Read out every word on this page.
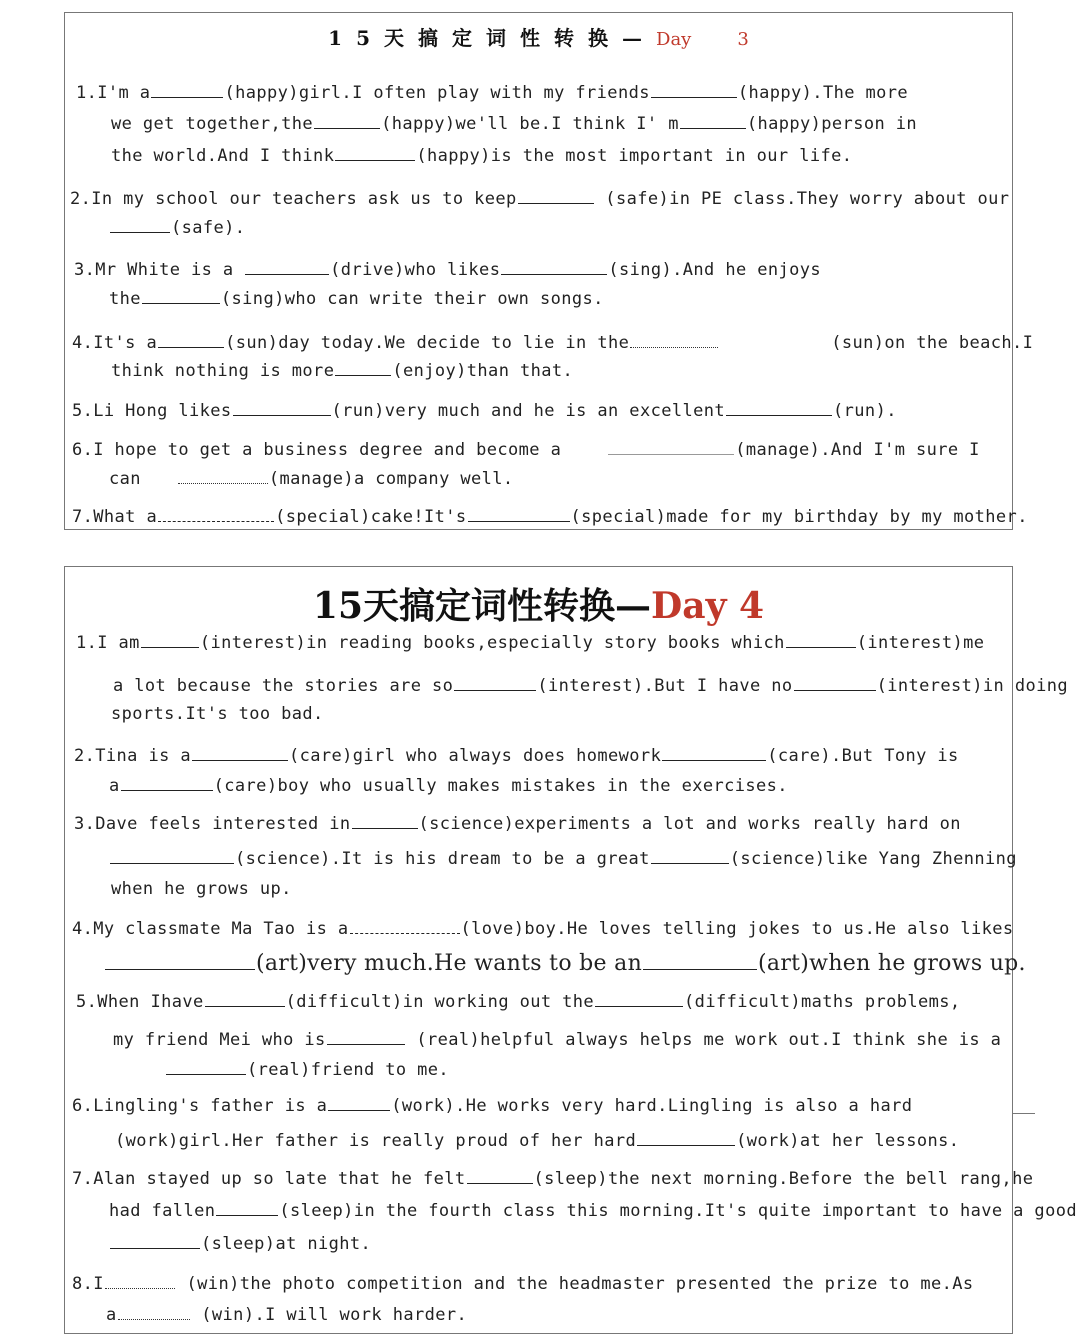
15天搞定词性转换—Day	3
1.I'm a	(happy)girl.I often play with my friends	(happy).The more
we get together,the	(happy)we'll be.I think I' m	(happy)person in
the world.And I think	(happy)is the most important in our life.
2.In my school our teachers ask us to keep	(safe)in PE class.They worry about our
(safe).
3.Mr White is a	(drive)who likes	(sing).And he enjoys
the	(sing)who can write their own songs.
4.It's a	(sun)day today.We decide to lie in the	(sun)on the beach.I
think nothing is more	(enjoy)than that.
5.Li Hong likes	(run)very much and he is an excellent	(run).
6.I hope to get a business degree and become a	(manage).And I'm sure I
can	(manage)a company well.
7.What a	(special)cake!It's	(special)made for my birthday by my mother.
15天搞定词性转换—Day 4
1.I am	(interest)in reading books,especially story books which	(interest)me
a lot because the stories are so	(interest).But I have no	(interest)in doing
sports.It's too bad.
2.Tina is a	(care)girl who always does homework	(care).But Tony is
a	(care)boy who usually makes mistakes in the exercises.
3.Dave feels interested in	(science)experiments a lot and works really hard on
(science).It is his dream to be a great	(science)like Yang Zhenning
when he grows up.
4.My classmate Ma Tao is a	(love)boy.He loves telling jokes to us.He also likes
(art)very much.He wants to be an	(art)when he grows up.
5.When Ihave	(difficult)in working out the	(difficult)maths problems,
my friend Mei who is	(real)helpful always helps me work out.I think she is a
(real)friend to me.
6.Lingling's father is a	(work).He works very hard.Lingling is also a hard
(work)girl.Her father is really proud of her hard	(work)at her lessons.
7.Alan stayed up so late that he felt	(sleep)the next morning.Before the bell rang,he
had fallen	(sleep)in the fourth class this morning.It's quite important to have a good
(sleep)at night.
8.I	(win)the photo competition and the headmaster presented the prize to me.As
a	(win).I will work harder.
